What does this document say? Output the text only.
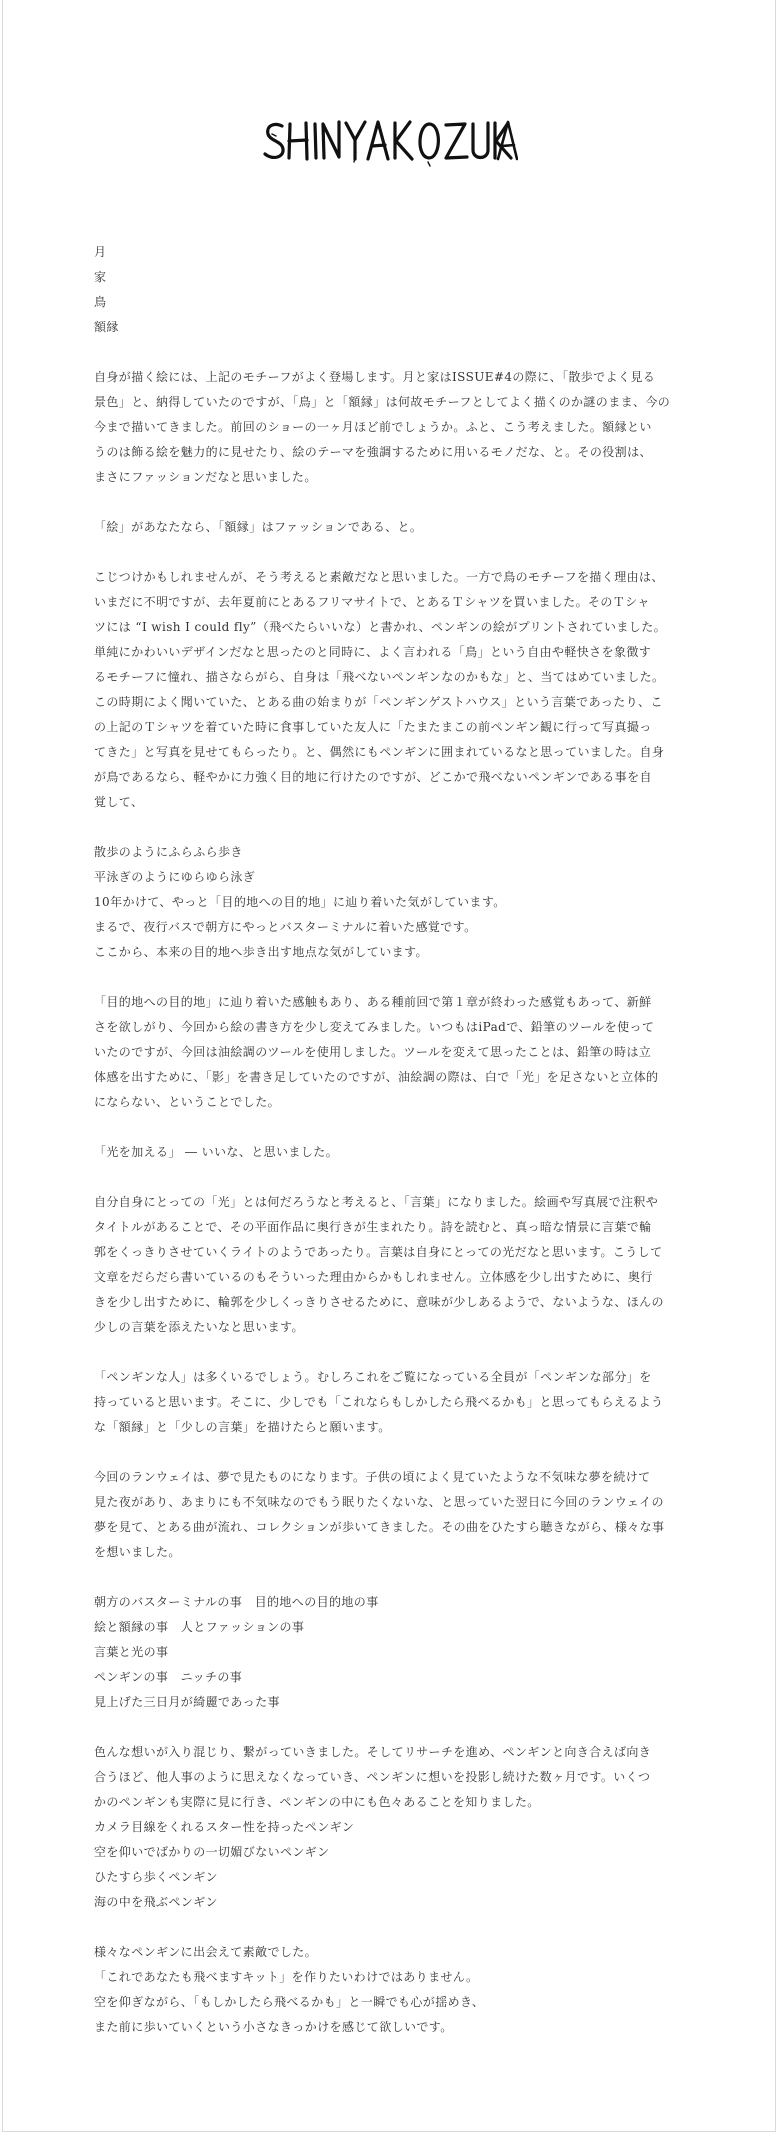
月

家

鳥

額縁

自身が描く絵には、上記のモチーフがよく登場します。月と家はISSUE#4の際に、「散歩でよく見る

景色」と、納得していたのですが、「鳥」と「額縁」は何故モチーフとしてよく描くのか謎のまま、今の

今まで描いてきました。前回のショーの一ヶ月ほど前でしょうか。ふと、こう考えました。額縁とい

うのは飾る絵を魅力的に見せたり、絵のテーマを強調するために用いるモノだな、と。その役割は、

まさにファッションだなと思いました。

「絵」があなたなら、「額縁」はファッションである、と。

こじつけかもしれませんが、そう考えると素敵だなと思いました。一方で鳥のモチーフを描く理由は、

いまだに不明ですが、去年夏前にとあるフリマサイトで、とあるＴシャツを買いました。そのＴシャ

ツには “I wish I could fly”（飛べたらいいな）と書かれ、ペンギンの絵がプリントされていました。

単純にかわいいデザインだなと思ったのと同時に、よく言われる「鳥」という自由や軽快さを象徴す

るモチーフに憧れ、描さならがら、自身は「飛べないペンギンなのかもな」と、当てはめていました。

この時期によく聞いていた、とある曲の始まりが「ペンギンゲストハウス」という言葉であったり、こ

の上記のＴシャツを着ていた時に食事していた友人に「たまたまこの前ペンギン観に行って写真撮っ

てきた」と写真を見せてもらったり。と、偶然にもペンギンに囲まれているなと思っていました。自身

が鳥であるなら、軽やかに力強く目的地に行けたのですが、どこかで飛べないペンギンである事を自

覚して、

散歩のようにふらふら歩き

平泳ぎのようにゆらゆら泳ぎ

10年かけて、やっと「目的地への目的地」に辿り着いた気がしています。

まるで、夜行バスで朝方にやっとバスターミナルに着いた感覚です。

ここから、本来の目的地へ歩き出す地点な気がしています。

「目的地への目的地」に辿り着いた感触もあり、ある種前回で第１章が終わった感覚もあって、新鮮

さを欲しがり、今回から絵の書き方を少し変えてみました。いつもはiPadで、鉛筆のツールを使って

いたのですが、今回は油絵調のツールを使用しました。ツールを変えて思ったことは、鉛筆の時は立

体感を出すために、「影」を書き足していたのですが、油絵調の際は、白で「光」を足さないと立体的

にならない、ということでした。

「光を加える」 ― いいな、と思いました。

自分自身にとっての「光」とは何だろうなと考えると、「言葉」になりました。絵画や写真展で注釈や

タイトルがあることで、その平面作品に奥行きが生まれたり。詩を読むと、真っ暗な情景に言葉で輪

郭をくっきりさせていくライトのようであったり。言葉は自身にとっての光だなと思います。こうして

文章をだらだら書いているのもそういった理由からかもしれません。立体感を少し出すために、奥行

きを少し出すために、輪郭を少しくっきりさせるために、意味が少しあるようで、ないような、ほんの

少しの言葉を添えたいなと思います。

「ペンギンな人」は多くいるでしょう。むしろこれをご覧になっている全員が「ペンギンな部分」を

持っていると思います。そこに、少しでも「これならもしかしたら飛べるかも」と思ってもらえるよう

な「額縁」と「少しの言葉」を描けたらと願います。

今回のランウェイは、夢で見たものになります。子供の頃によく見ていたような不気味な夢を続けて

見た夜があり、あまりにも不気味なのでもう眠りたくないな、と思っていた翌日に今回のランウェイの

夢を見て、とある曲が流れ、コレクションが歩いてきました。その曲をひたすら聴きながら、様々な事

を想いました。

朝方のバスターミナルの事　目的地への目的地の事

絵と額縁の事　人とファッションの事

言葉と光の事

ペンギンの事　ニッチの事

見上げた三日月が綺麗であった事

色んな想いが入り混じり、繋がっていきました。そしてリサーチを進め、ペンギンと向き合えば向き

合うほど、他人事のように思えなくなっていき、ペンギンに想いを投影し続けた数ヶ月です。いくつ

かのペンギンも実際に見に行き、ペンギンの中にも色々あることを知りました。

カメラ目線をくれるスター性を持ったペンギン

空を仰いでばかりの一切媚びないペンギン

ひたすら歩くペンギン

海の中を飛ぶペンギン

様々なペンギンに出会えて素敵でした。

「これであなたも飛べますキット」を作りたいわけではありません。

空を仰ぎながら、「もしかしたら飛べるかも」と一瞬でも心が揺めき、

また前に歩いていくという小さなきっかけを感じて欲しいです。
